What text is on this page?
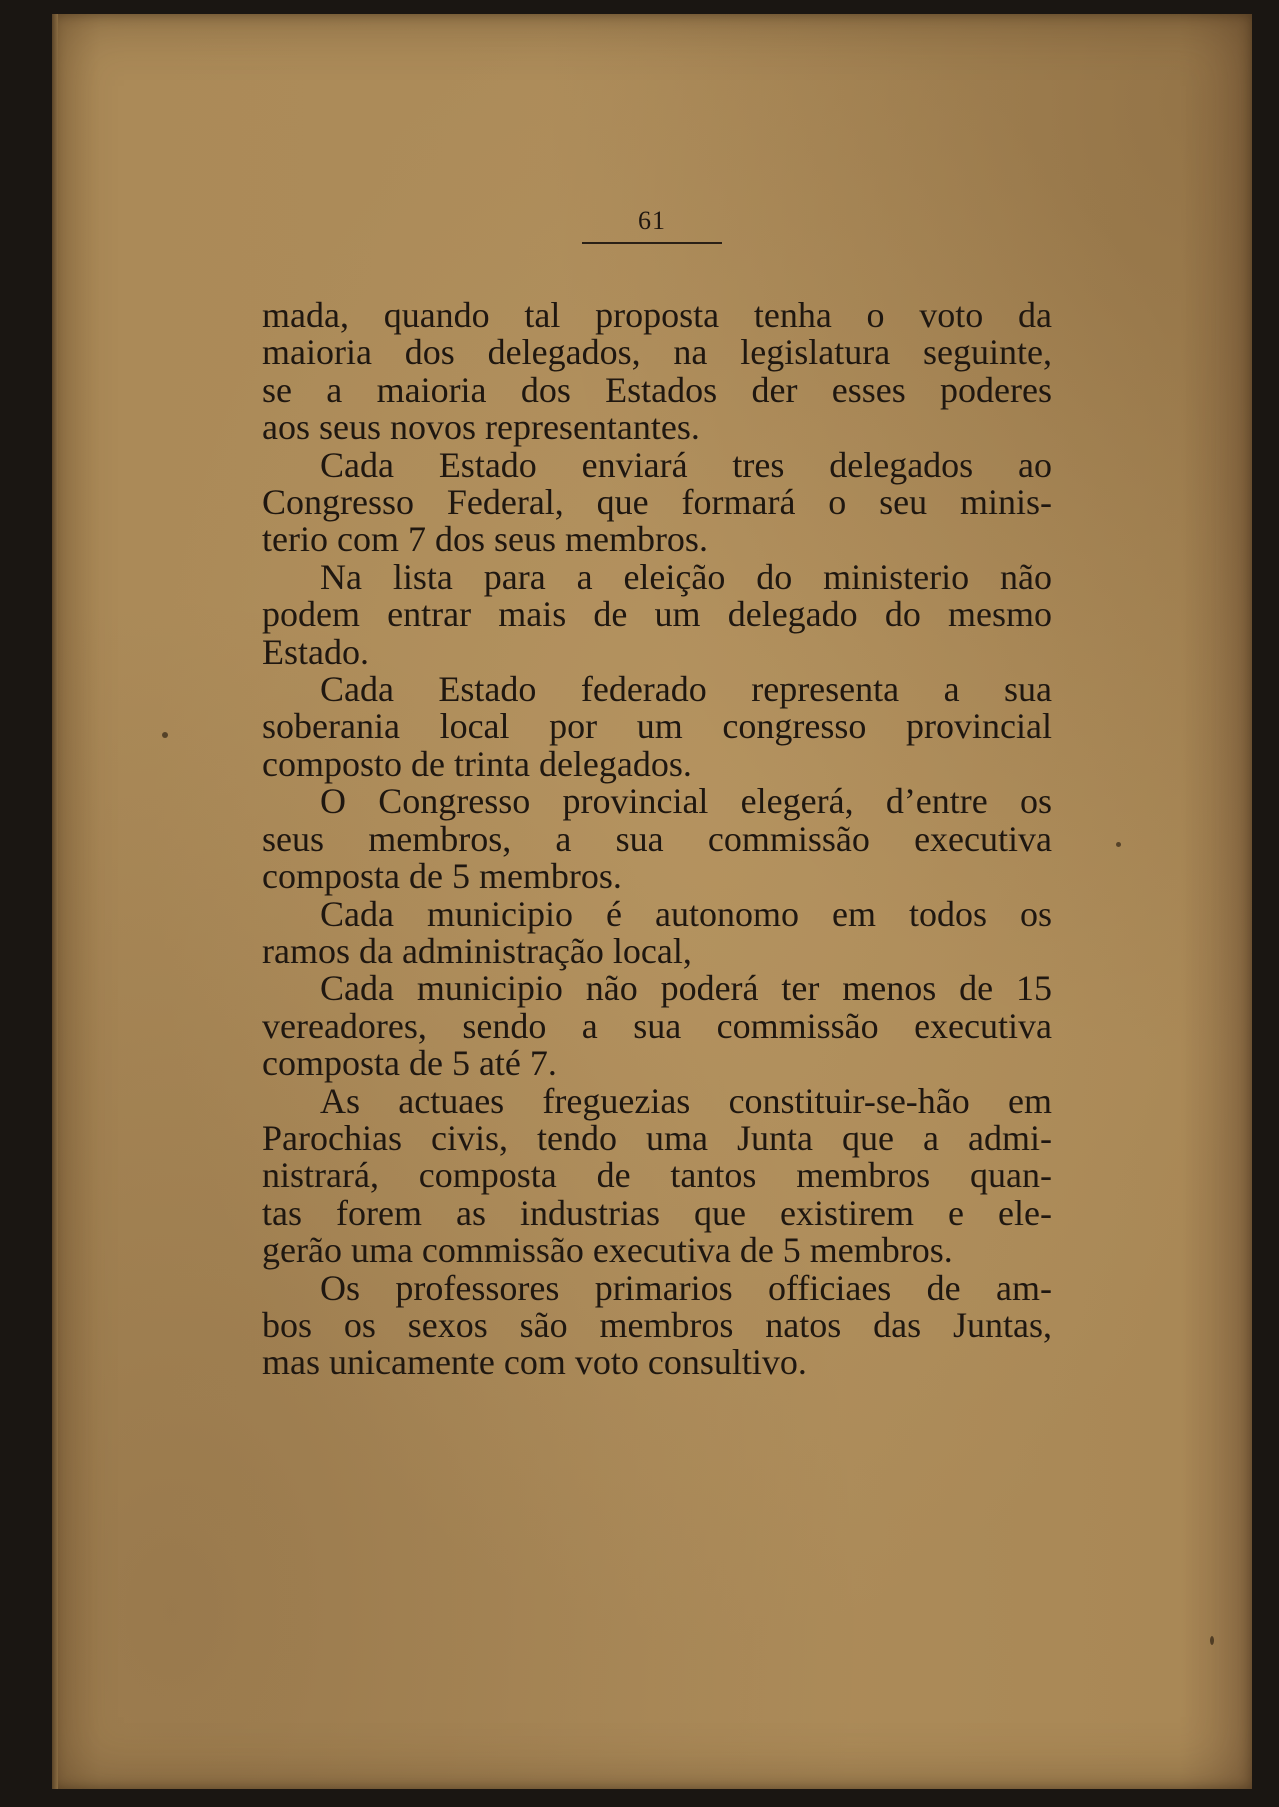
61
mada, quando tal proposta tenha o voto da
maioria dos delegados, na legislatura seguinte,
se a maioria dos Estados der esses poderes
aos seus novos representantes.
Cada Estado enviará tres delegados ao
Congresso Federal, que formará o seu minis-
terio com 7 dos seus membros.
Na lista para a eleição do ministerio não
podem entrar mais de um delegado do mesmo
Estado.
Cada Estado federado representa a sua
soberania local por um congresso provincial
composto de trinta delegados.
O Congresso provincial elegerá, d’entre os
seus membros, a sua commissão executiva
composta de 5 membros.
Cada municipio é autonomo em todos os
ramos da administração local,
Cada municipio não poderá ter menos de 15
vereadores, sendo a sua commissão executiva
composta de 5 até 7.
As actuaes freguezias constituir-se-hão em
Parochias civis, tendo uma Junta que a admi-
nistrará, composta de tantos membros quan-
tas forem as industrias que existirem e ele-
gerão uma commissão executiva de 5 membros.
Os professores primarios officiaes de am-
bos os sexos são membros natos das Juntas,
mas unicamente com voto consultivo.
